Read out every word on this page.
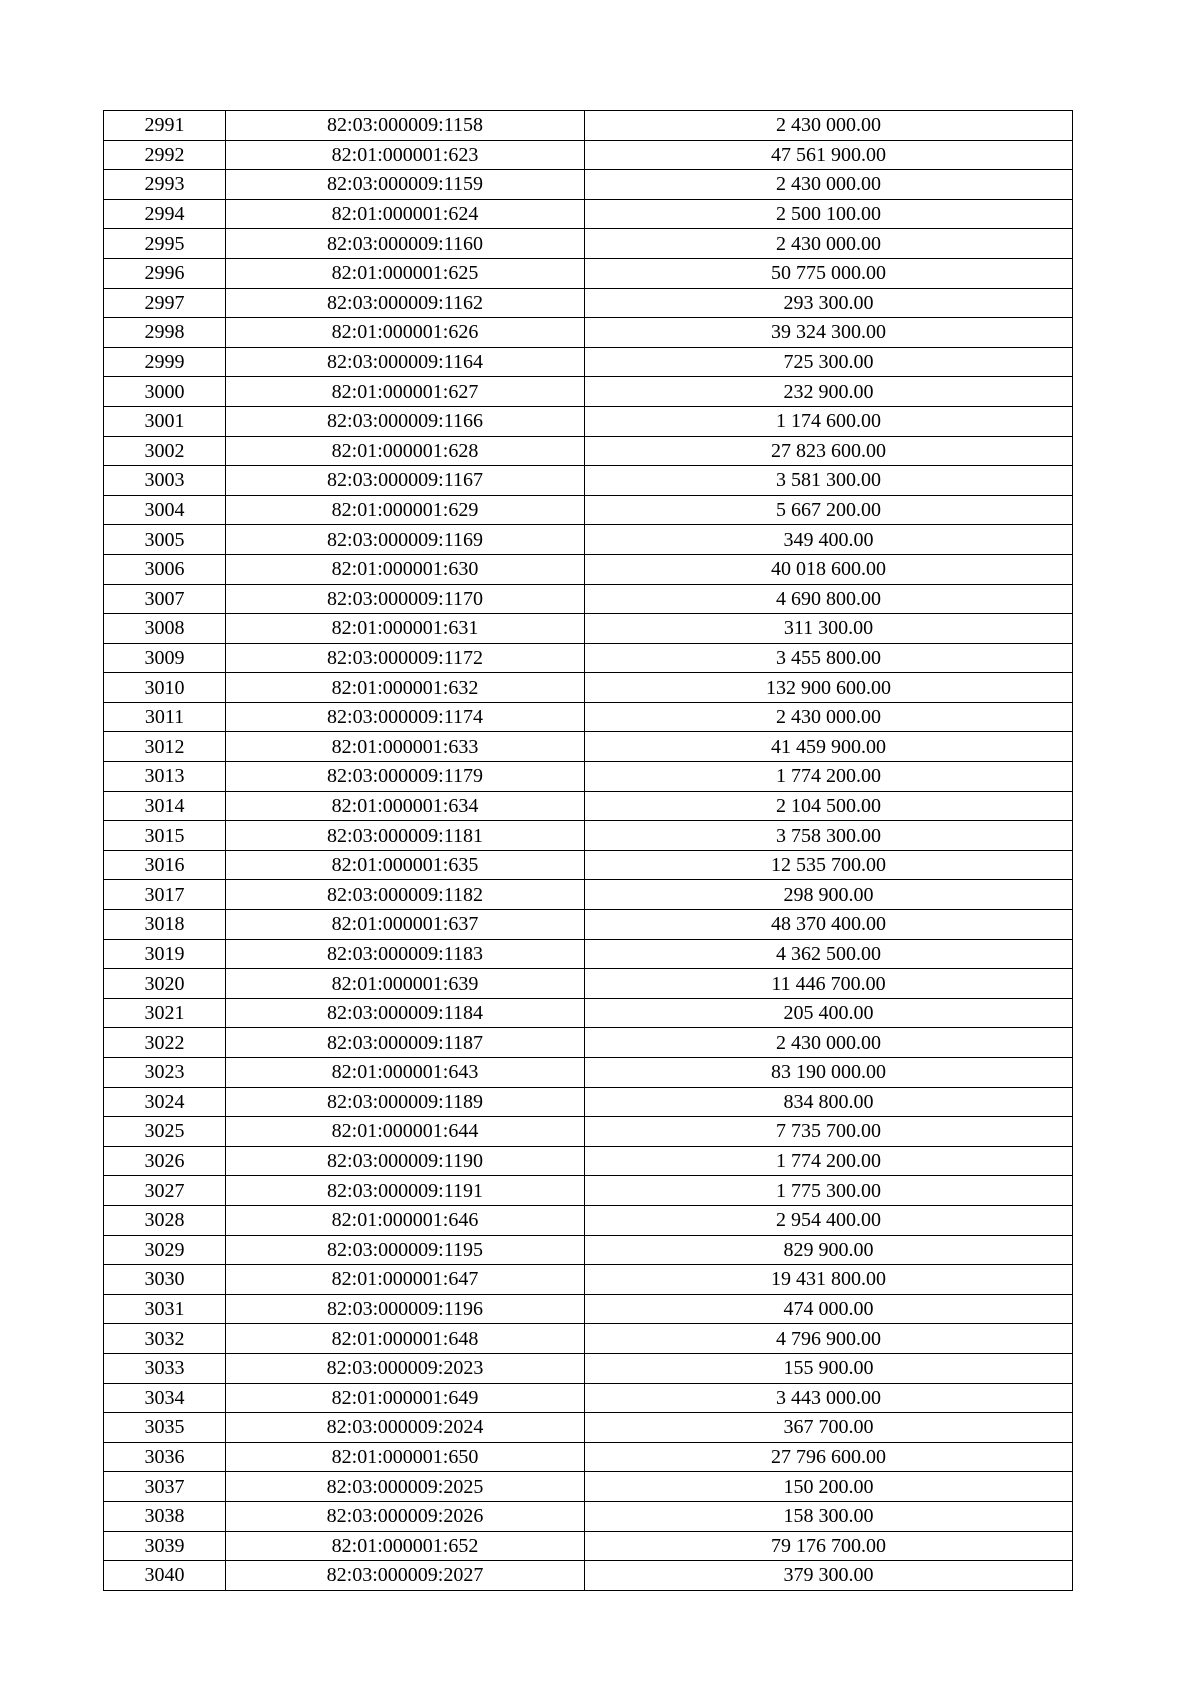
2991	82:03:000009:1158	2 430 000.00
2992	82:01:000001:623	47 561 900.00
2993	82:03:000009:1159	2 430 000.00
2994	82:01:000001:624	2 500 100.00
2995	82:03:000009:1160	2 430 000.00
2996	82:01:000001:625	50 775 000.00
2997	82:03:000009:1162	293 300.00
2998	82:01:000001:626	39 324 300.00
2999	82:03:000009:1164	725 300.00
3000	82:01:000001:627	232 900.00
3001	82:03:000009:1166	1 174 600.00
3002	82:01:000001:628	27 823 600.00
3003	82:03:000009:1167	3 581 300.00
3004	82:01:000001:629	5 667 200.00
3005	82:03:000009:1169	349 400.00
3006	82:01:000001:630	40 018 600.00
3007	82:03:000009:1170	4 690 800.00
3008	82:01:000001:631	311 300.00
3009	82:03:000009:1172	3 455 800.00
3010	82:01:000001:632	132 900 600.00
3011	82:03:000009:1174	2 430 000.00
3012	82:01:000001:633	41 459 900.00
3013	82:03:000009:1179	1 774 200.00
3014	82:01:000001:634	2 104 500.00
3015	82:03:000009:1181	3 758 300.00
3016	82:01:000001:635	12 535 700.00
3017	82:03:000009:1182	298 900.00
3018	82:01:000001:637	48 370 400.00
3019	82:03:000009:1183	4 362 500.00
3020	82:01:000001:639	11 446 700.00
3021	82:03:000009:1184	205 400.00
3022	82:03:000009:1187	2 430 000.00
3023	82:01:000001:643	83 190 000.00
3024	82:03:000009:1189	834 800.00
3025	82:01:000001:644	7 735 700.00
3026	82:03:000009:1190	1 774 200.00
3027	82:03:000009:1191	1 775 300.00
3028	82:01:000001:646	2 954 400.00
3029	82:03:000009:1195	829 900.00
3030	82:01:000001:647	19 431 800.00
3031	82:03:000009:1196	474 000.00
3032	82:01:000001:648	4 796 900.00
3033	82:03:000009:2023	155 900.00
3034	82:01:000001:649	3 443 000.00
3035	82:03:000009:2024	367 700.00
3036	82:01:000001:650	27 796 600.00
3037	82:03:000009:2025	150 200.00
3038	82:03:000009:2026	158 300.00
3039	82:01:000001:652	79 176 700.00
3040	82:03:000009:2027	379 300.00
